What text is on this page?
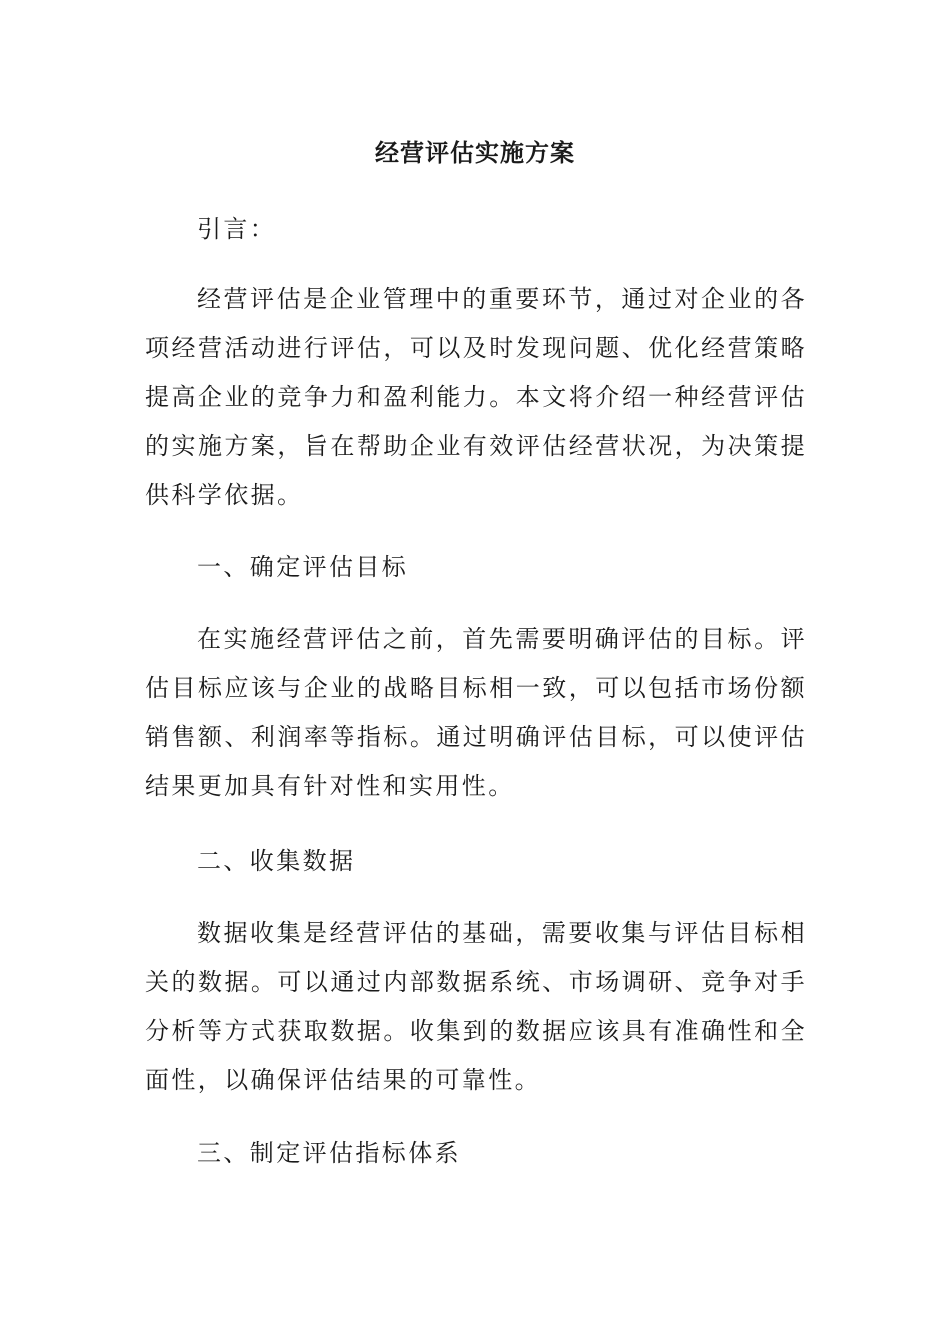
经营评估实施方案

引言：

经营评估是企业管理中的重要环节，通过对企业的各项经营活动进行评估，可以及时发现问题、优化经营策略提高企业的竞争力和盈利能力。本文将介绍一种经营评估的实施方案，旨在帮助企业有效评估经营状况，为决策提供科学依据。

一、确定评估目标

在实施经营评估之前，首先需要明确评估的目标。评估目标应该与企业的战略目标相一致，可以包括市场份额销售额、利润率等指标。通过明确评估目标，可以使评估结果更加具有针对性和实用性。

二、收集数据

数据收集是经营评估的基础，需要收集与评估目标相关的数据。可以通过内部数据系统、市场调研、竞争对手分析等方式获取数据。收集到的数据应该具有准确性和全面性，以确保评估结果的可靠性。

三、制定评估指标体系
